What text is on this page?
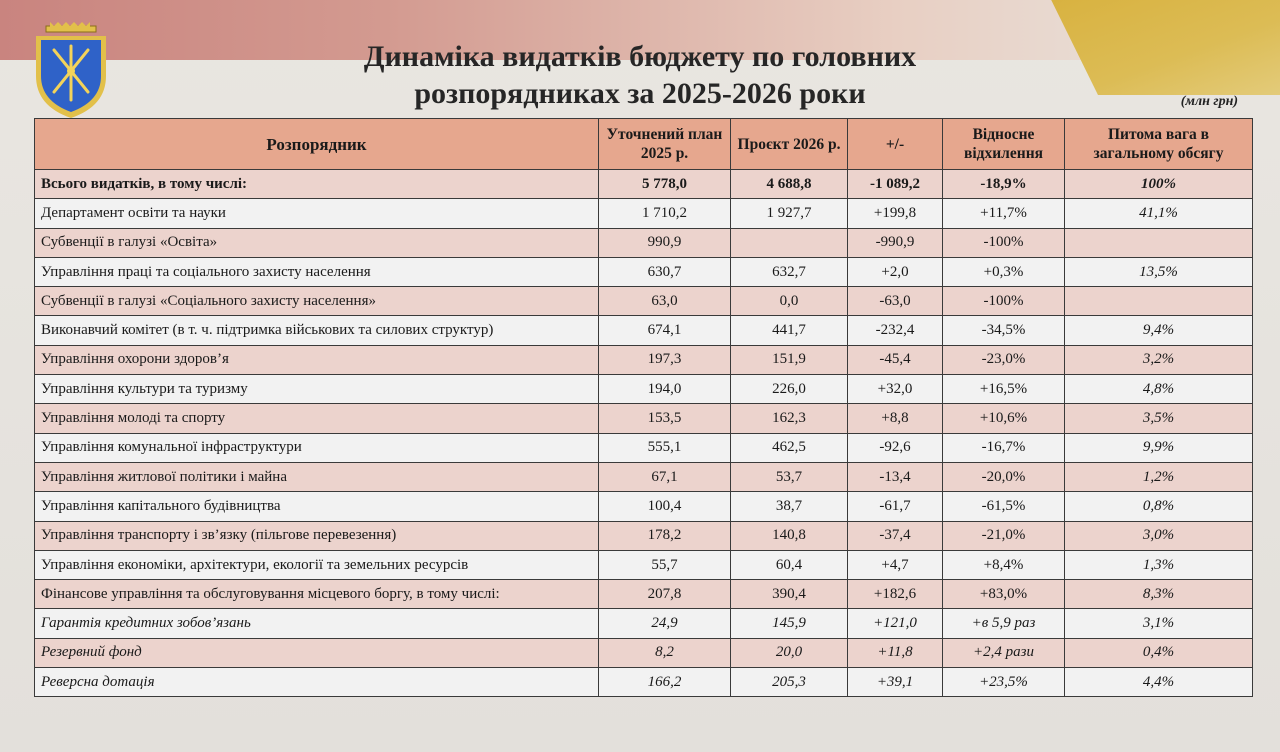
Динаміка видатків бюджету по головних
розпорядниках за 2025-2026 роки	(млн грн)
Розпорядник	Уточнений план 2025 р.	Проєкт 2026 р.	+/-	Відносне відхилення	Питома вага в загальному обсягу
Всього видатків, в тому числі:	5 778,0	4 688,8	-1 089,2	-18,9%	100%
Департамент освіти та науки	1 710,2	1 927,7	+199,8	+11,7%	41,1%
Субвенції в галузі «Освіта»	990,9		-990,9	-100%	
Управління праці та соціального захисту населення	630,7	632,7	+2,0	+0,3%	13,5%
Субвенції в галузі «Соціального захисту населення»	63,0	0,0	-63,0	-100%	
Виконавчий комітет (в т. ч. підтримка військових та силових структур)	674,1	441,7	-232,4	-34,5%	9,4%
Управління охорони здоров’я	197,3	151,9	-45,4	-23,0%	3,2%
Управління культури та туризму	194,0	226,0	+32,0	+16,5%	4,8%
Управління молоді та спорту	153,5	162,3	+8,8	+10,6%	3,5%
Управління комунальної інфраструктури	555,1	462,5	-92,6	-16,7%	9,9%
Управління житлової політики і майна	67,1	53,7	-13,4	-20,0%	1,2%
Управління капітального будівництва	100,4	38,7	-61,7	-61,5%	0,8%
Управління транспорту і зв’язку (пільгове перевезення)	178,2	140,8	-37,4	-21,0%	3,0%
Управління економіки, архітектури, екології та земельних ресурсів	55,7	60,4	+4,7	+8,4%	1,3%
Фінансове управління та обслуговування місцевого боргу, в тому числі:	207,8	390,4	+182,6	+83,0%	8,3%
Гарантія кредитних зобов’язань	24,9	145,9	+121,0	+в 5,9 раз	3,1%
Резервний фонд	8,2	20,0	+11,8	+2,4 рази	0,4%
Реверсна дотація	166,2	205,3	+39,1	+23,5%	4,4%
